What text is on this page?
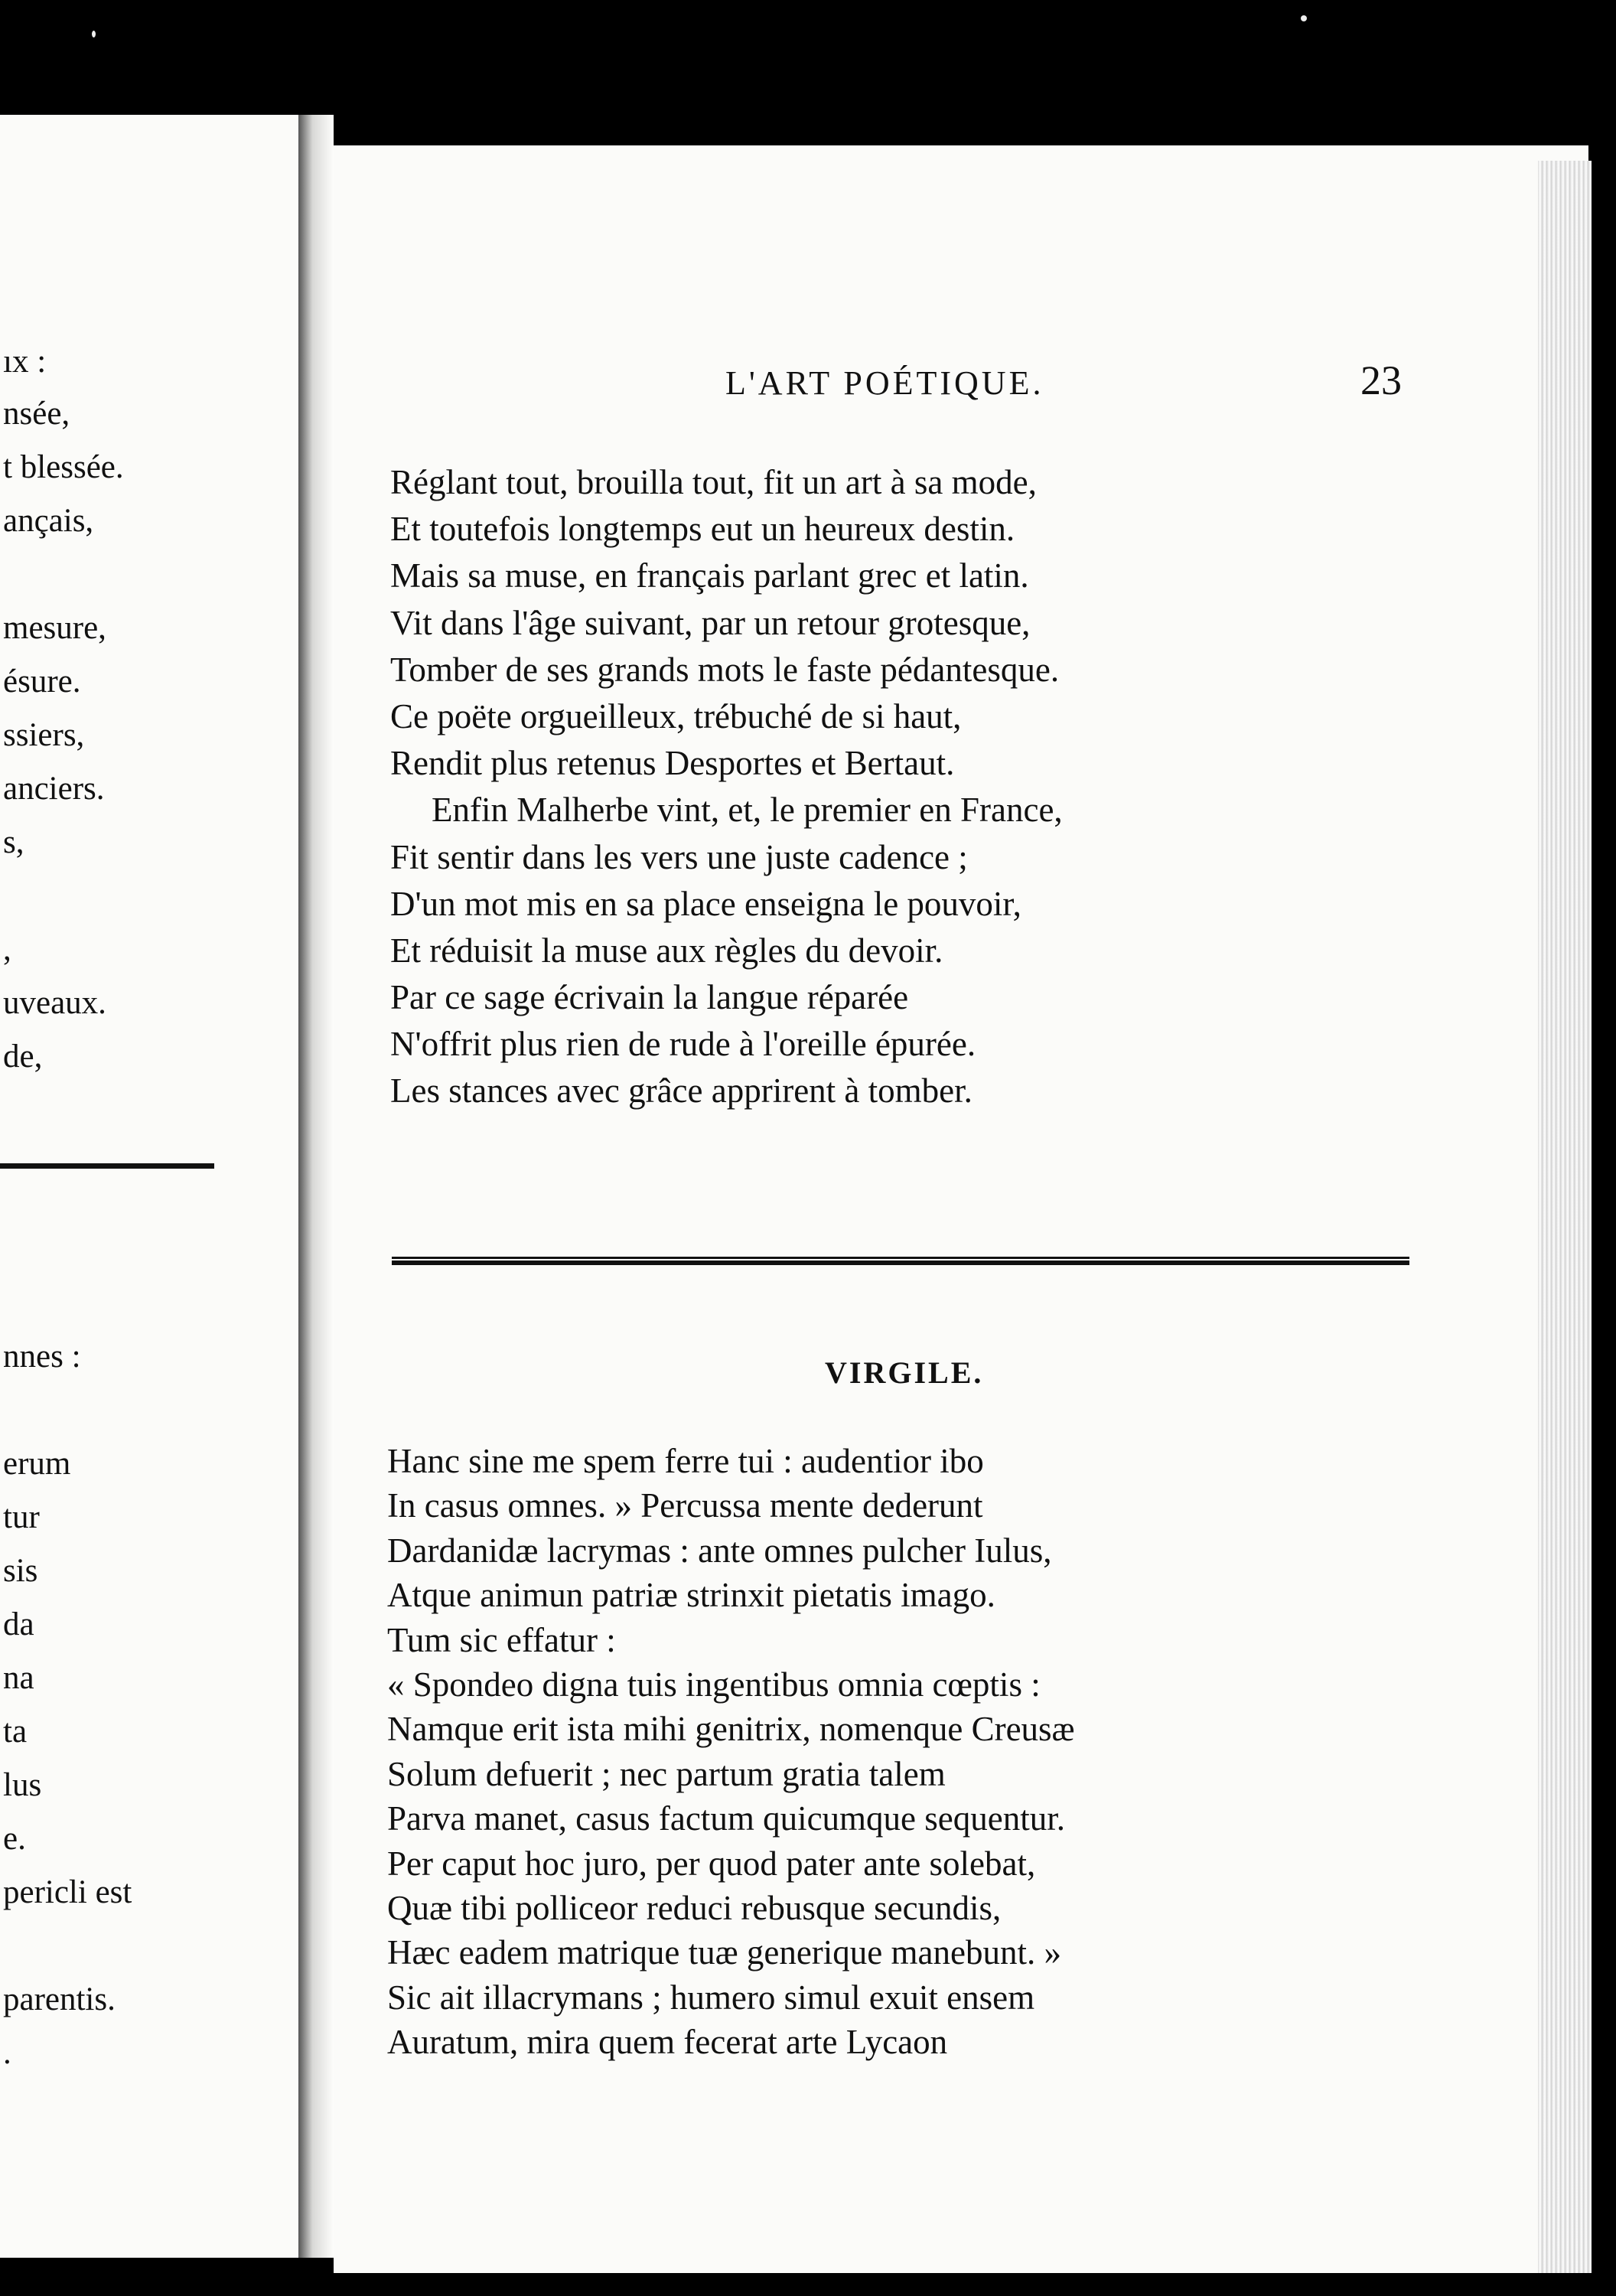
ıx :
nsée,
t blessée.
ançais,
mesure,
ésure.
ssiers,
anciers.
s,
,
uveaux.
de,
nnes :
erum
tur
sis
da
na
ta
lus
e.
pericli est
parentis.
.
L'ART POÉTIQUE.	23
Réglant tout, brouilla tout, fit un art à sa mode,
Et toutefois longtemps eut un heureux destin.
Mais sa muse, en français parlant grec et latin.
Vit dans l'âge suivant, par un retour grotesque,
Tomber de ses grands mots le faste pédantesque.
Ce poëte orgueilleux, trébuché de si haut,
Rendit plus retenus Desportes et Bertaut.
Enfin Malherbe vint, et, le premier en France,
Fit sentir dans les vers une juste cadence ;
D'un mot mis en sa place enseigna le pouvoir,
Et réduisit la muse aux règles du devoir.
Par ce sage écrivain la langue réparée
N'offrit plus rien de rude à l'oreille épurée.
Les stances avec grâce apprirent à tomber.
VIRGILE.
Hanc sine me spem ferre tui : audentior ibo
In casus omnes. » Percussa mente dederunt
Dardanidæ lacrymas : ante omnes pulcher Iulus,
Atque animun patriæ strinxit pietatis imago.
Tum sic effatur :
« Spondeo digna tuis ingentibus omnia cœptis :
Namque erit ista mihi genitrix, nomenque Creusæ
Solum defuerit ; nec partum gratia talem
Parva manet, casus factum quicumque sequentur.
Per caput hoc juro, per quod pater ante solebat,
Quæ tibi polliceor reduci rebusque secundis,
Hæc eadem matrique tuæ generique manebunt. »
Sic ait illacrymans ; humero simul exuit ensem
Auratum, mira quem fecerat arte Lycaon
